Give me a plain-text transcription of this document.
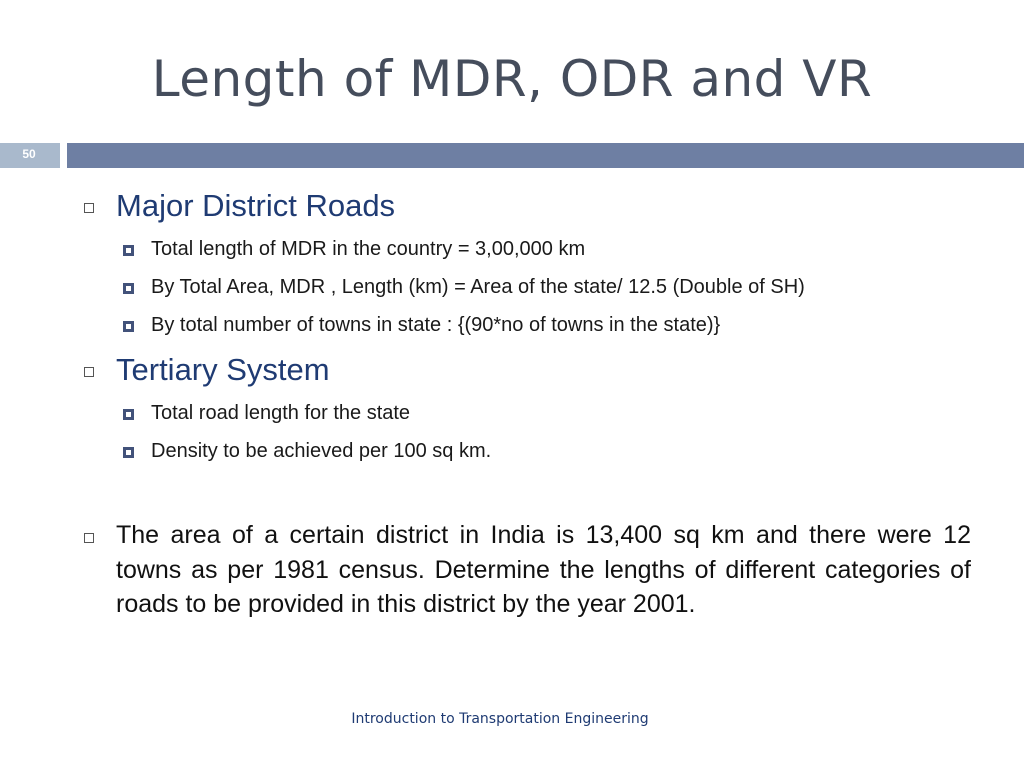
Length of MDR, ODR and VR
50
Major District Roads
Total length of MDR in the country = 3,00,000 km
By Total Area, MDR , Length (km) = Area of the state/ 12.5 (Double of SH)
By total number of towns in state : {(90*no of towns in the state)}
Tertiary System
Total road length for the state
Density to be achieved per 100 sq km.
The area of a certain district in India is 13,400 sq km and there were 12 towns as per 1981 census. Determine the lengths of different categories of roads to be provided in this district by the year 2001.
Introduction to Transportation Engineering
